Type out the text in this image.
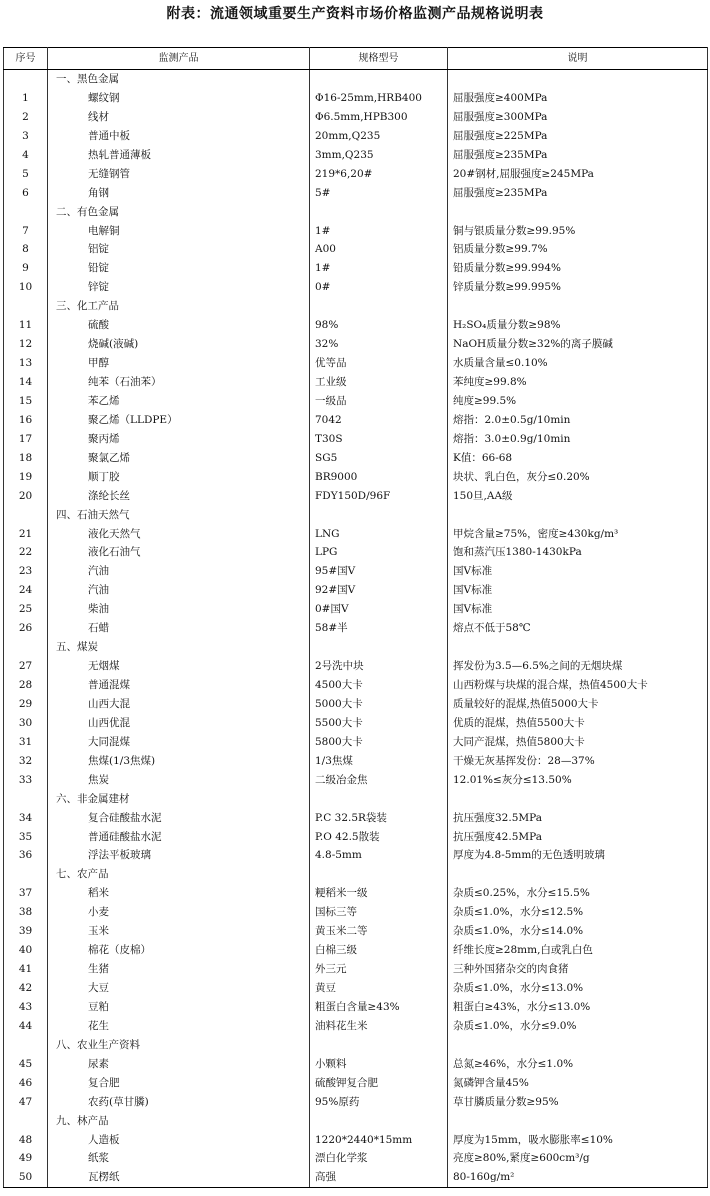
附表：流通领域重要生产资料市场价格监测产品规格说明表
序号	监测产品	规格型号	说明
	一、黑色金属		
1	螺纹钢	Φ16-25mm,HRB400	屈服强度≥400MPa
2	线材	Φ6.5mm,HPB300	屈服强度≥300MPa
3	普通中板	20mm,Q235	屈服强度≥225MPa
4	热轧普通薄板	3mm,Q235	屈服强度≥235MPa
5	无缝钢管	219*6,20#	20#钢材,屈服强度≥245MPa
6	角钢	5#	屈服强度≥235MPa
	二、有色金属		
7	电解铜	1#	铜与银质量分数≥99.95%
8	铝锭	A00	铝质量分数≥99.7%
9	铅锭	1#	铅质量分数≥99.994%
10	锌锭	0#	锌质量分数≥99.995%
	三、化工产品		
11	硫酸	98%	H₂SO₄质量分数≥98%
12	烧碱(液碱)	32%	NaOH质量分数≥32%的离子膜碱
13	甲醇	优等品	水质量含量≤0.10%
14	纯苯（石油苯）	工业级	苯纯度≥99.8%
15	苯乙烯	一级品	纯度≥99.5%
16	聚乙烯（LLDPE）	7042	熔指：2.0±0.5g/10min
17	聚丙烯	T30S	熔指：3.0±0.9g/10min
18	聚氯乙烯	SG5	K值：66-68
19	顺丁胶	BR9000	块状、乳白色，灰分≤0.20%
20	涤纶长丝	FDY150D/96F	150旦,AA级
	四、石油天然气		
21	液化天然气	LNG	甲烷含量≥75%，密度≥430kg/m³
22	液化石油气	LPG	饱和蒸汽压1380-1430kPa
23	汽油	95#国Ⅴ	国Ⅴ标准
24	汽油	92#国Ⅴ	国Ⅴ标准
25	柴油	0#国Ⅴ	国Ⅴ标准
26	石蜡	58#半	熔点不低于58℃
	五、煤炭		
27	无烟煤	2号洗中块	挥发份为3.5—6.5%之间的无烟块煤
28	普通混煤	4500大卡	山西粉煤与块煤的混合煤，热值4500大卡
29	山西大混	5000大卡	质量较好的混煤,热值5000大卡
30	山西优混	5500大卡	优质的混煤，热值5500大卡
31	大同混煤	5800大卡	大同产混煤，热值5800大卡
32	焦煤(1/3焦煤)	1/3焦煤	干燥无灰基挥发份：28—37%
33	焦炭	二级冶金焦	12.01%≤灰分≤13.50%
	六、非金属建材		
34	复合硅酸盐水泥	P.C 32.5R袋装	抗压强度32.5MPa
35	普通硅酸盐水泥	P.O 42.5散装	抗压强度42.5MPa
36	浮法平板玻璃	4.8-5mm	厚度为4.8-5mm的无色透明玻璃
	七、农产品		
37	稻米	粳稻米一级	杂质≤0.25%，水分≤15.5%
38	小麦	国标三等	杂质≤1.0%，水分≤12.5%
39	玉米	黄玉米二等	杂质≤1.0%，水分≤14.0%
40	棉花（皮棉）	白棉三级	纤维长度≥28mm,白或乳白色
41	生猪	外三元	三种外国猪杂交的肉食猪
42	大豆	黄豆	杂质≤1.0%，水分≤13.0%
43	豆粕	粗蛋白含量≥43%	粗蛋白≥43%，水分≤13.0%
44	花生	油料花生米	杂质≤1.0%，水分≤9.0%
	八、农业生产资料		
45	尿素	小颗料	总氮≥46%，水分≤1.0%
46	复合肥	硫酸钾复合肥	氮磷钾含量45%
47	农药(草甘膦)	95%原药	草甘膦质量分数≥95%
	九、林产品		
48	人造板	1220*2440*15mm	厚度为15mm，吸水膨胀率≤10%
49	纸浆	漂白化学浆	亮度≥80%,紧度≥600cm³/g
50	瓦楞纸	高强	80-160g/m²
